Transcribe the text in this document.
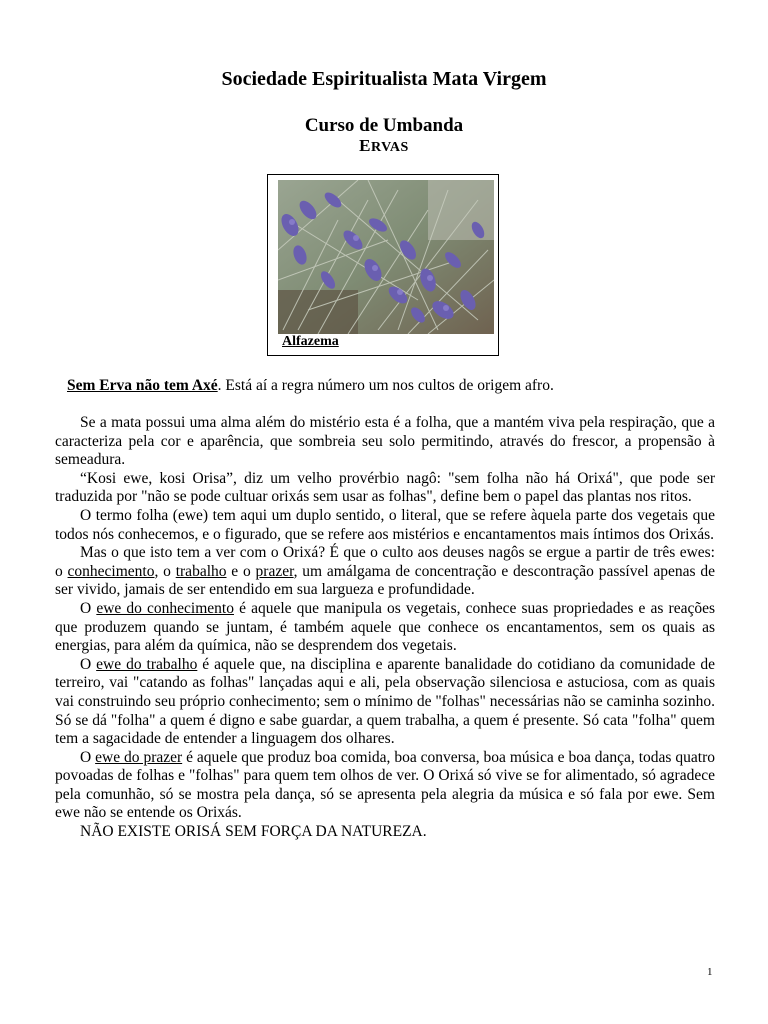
Sociedade Espiritualista Mata Virgem
Curso de Umbanda
ERVAS
Alfazema
Sem Erva não tem Axé. Está aí a regra número um nos cultos de origem afro.

Se a mata possui uma alma além do mistério esta é a folha, que a mantém viva pela respiração, que a caracteriza pela cor e aparência, que sombreia seu solo permitindo, através do frescor, a propensão à semeadura.

“Kosi ewe, kosi Orisa”, diz um velho provérbio nagô: "sem folha não há Orixá", que pode ser traduzida por "não se pode cultuar orixás sem usar as folhas", define bem o papel das plantas nos ritos.

O termo folha (ewe) tem aqui um duplo sentido, o literal, que se refere àquela parte dos vegetais que todos nós conhecemos, e o figurado, que se refere aos mistérios e encantamentos mais íntimos dos Orixás.

Mas o que isto tem a ver com o Orixá? É que o culto aos deuses nagôs se ergue a partir de três ewes: o conhecimento, o trabalho e o prazer, um amálgama de concentração e descontração passível apenas de ser vivido, jamais de ser entendido em sua largueza e profundidade.

O ewe do conhecimento é aquele que manipula os vegetais, conhece suas propriedades e as reações que produzem quando se juntam, é também aquele que conhece os encantamentos, sem os quais as energias, para além da química, não se desprendem dos vegetais.

O ewe do trabalho é aquele que, na disciplina e aparente banalidade do cotidiano da comunidade de terreiro, vai "catando as folhas" lançadas aqui e ali, pela observação silenciosa e astuciosa, com as quais vai construindo seu próprio conhecimento; sem o mínimo de "folhas" necessárias não se caminha sozinho. Só se dá "folha" a quem é digno e sabe guardar, a quem trabalha, a quem é presente. Só cata "folha" quem tem a sagacidade de entender a linguagem dos olhares.

O ewe do prazer é aquele que produz boa comida, boa conversa, boa música e boa dança, todas quatro povoadas de folhas e "folhas" para quem tem olhos de ver. O Orixá só vive se for alimentado, só agradece pela comunhão, só se mostra pela dança, só se apresenta pela alegria da música e só fala por ewe. Sem ewe não se entende os Orixás.

NÃO EXISTE ORISÁ SEM FORÇA DA NATUREZA.

1
